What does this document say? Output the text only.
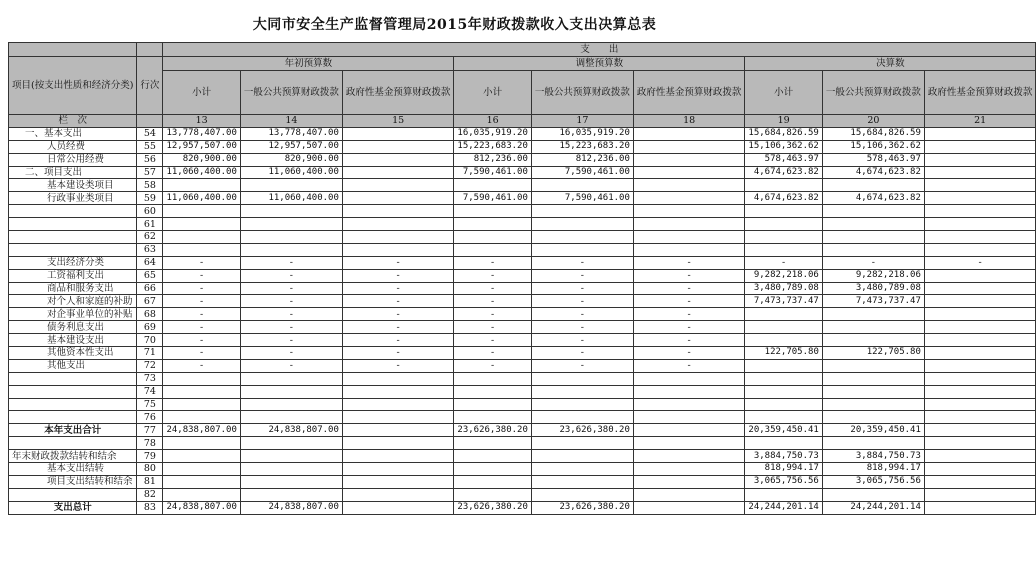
大同市安全生产监督管理局2015年财政拨款收入支出决算总表
		支　　出								
项目(按支出性质和经济分类)	行次	年初预算数			调整预算数			决算数		
		小计	一般公共预算财政拨款	政府性基金预算财政拨款	小计	一般公共预算财政拨款	政府性基金预算财政拨款	小计	一般公共预算财政拨款	政府性基金预算财政拨款

栏　次		13	14	15	16	17	18	19	20	21
一、基本支出	54	13,778,407.00	13,778,407.00		16,035,919.20	16,035,919.20		15,684,826.59	15,684,826.59	
人员经费	55	12,957,507.00	12,957,507.00		15,223,683.20	15,223,683.20		15,106,362.62	15,106,362.62	
日常公用经费	56	820,900.00	820,900.00		812,236.00	812,236.00		578,463.97	578,463.97	
二、项目支出	57	11,060,400.00	11,060,400.00		7,590,461.00	7,590,461.00		4,674,623.82	4,674,623.82	
基本建设类项目	58									
行政事业类项目	59	11,060,400.00	11,060,400.00		7,590,461.00	7,590,461.00		4,674,623.82	4,674,623.82	
	60									
	61									
	62									
	63									
支出经济分类	64	-	-	-	-	-	-	-	-	-
工资福利支出	65	-	-	-	-	-	-	9,282,218.06	9,282,218.06	
商品和服务支出	66	-	-	-	-	-	-	3,480,789.08	3,480,789.08	
对个人和家庭的补助	67	-	-	-	-	-	-	7,473,737.47	7,473,737.47	
对企事业单位的补贴	68	-	-	-	-	-	-			
债务利息支出	69	-	-	-	-	-	-			
基本建设支出	70	-	-	-	-	-	-			
其他资本性支出	71	-	-	-	-	-	-	122,705.80	122,705.80	
其他支出	72	-	-	-	-	-	-			
	73									
	74									
	75									
	76									
本年支出合计	77	24,838,807.00	24,838,807.00		23,626,380.20	23,626,380.20		20,359,450.41	20,359,450.41	
	78									
年末财政拨款结转和结余	79							3,884,750.73	3,884,750.73	
基本支出结转	80							818,994.17	818,994.17	
项目支出结转和结余	81							3,065,756.56	3,065,756.56	
	82									
支出总计	83	24,838,807.00	24,838,807.00		23,626,380.20	23,626,380.20		24,244,201.14	24,244,201.14	
